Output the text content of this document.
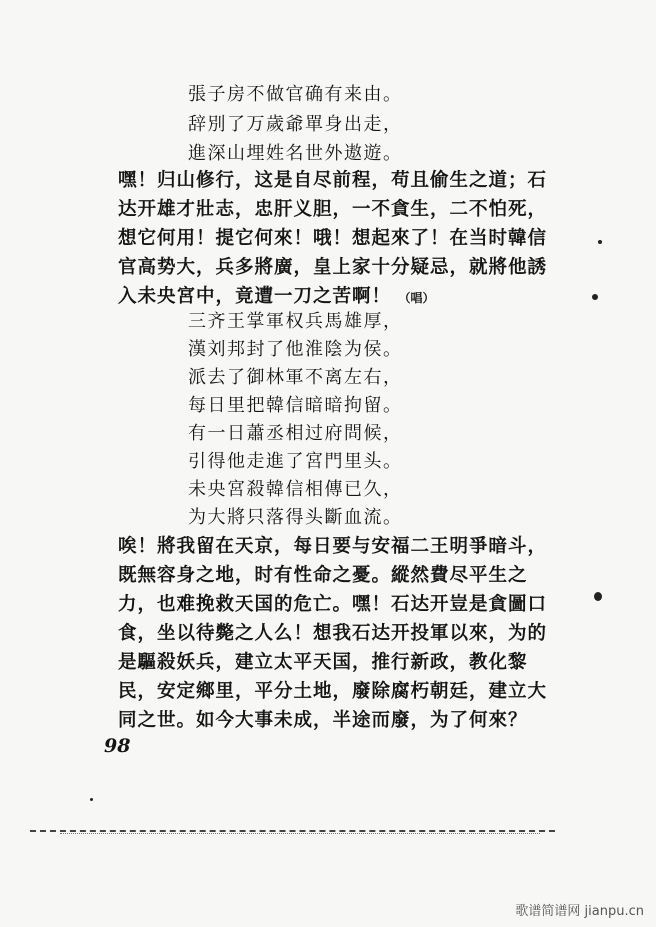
張子房不做官确有来由。
辞別了万歲爺單身出走，
進深山埋姓名世外遨遊。
嘿！归山修行，这是自尽前程，苟且偷生之道；石
达开雄才壯志，忠肝义胆，一不貪生，二不怕死，
想它何用！提它何來！哦！想起來了！在当时韓信
官高势大，兵多將廣，皇上家十分疑忌，就將他誘
入未央宮中，竟遭一刀之苦啊！ （唱）
三齐王掌軍权兵馬雄厚，
漢刘邦封了他淮陰为侯。
派去了御林軍不离左右，
每日里把韓信暗暗拘留。
有一日蕭丞相过府問候，
引得他走進了宮門里头。
未央宮殺韓信相傳已久，
为大將只落得头斷血流。
唉！將我留在天京，每日要与安福二王明爭暗斗，
既無容身之地，时有性命之憂。縱然費尽平生之
力，也难挽救天国的危亡。嘿！石达开豈是貪圖口
食，坐以待斃之人么！想我石达开投軍以來，为的
是驅殺妖兵，建立太平天国，推行新政，教化黎
民，安定鄉里，平分土地，廢除腐朽朝廷，建立大
同之世。如今大事未成，半途而廢，为了何來？
98
歌谱简谱网 jianpu.cn
